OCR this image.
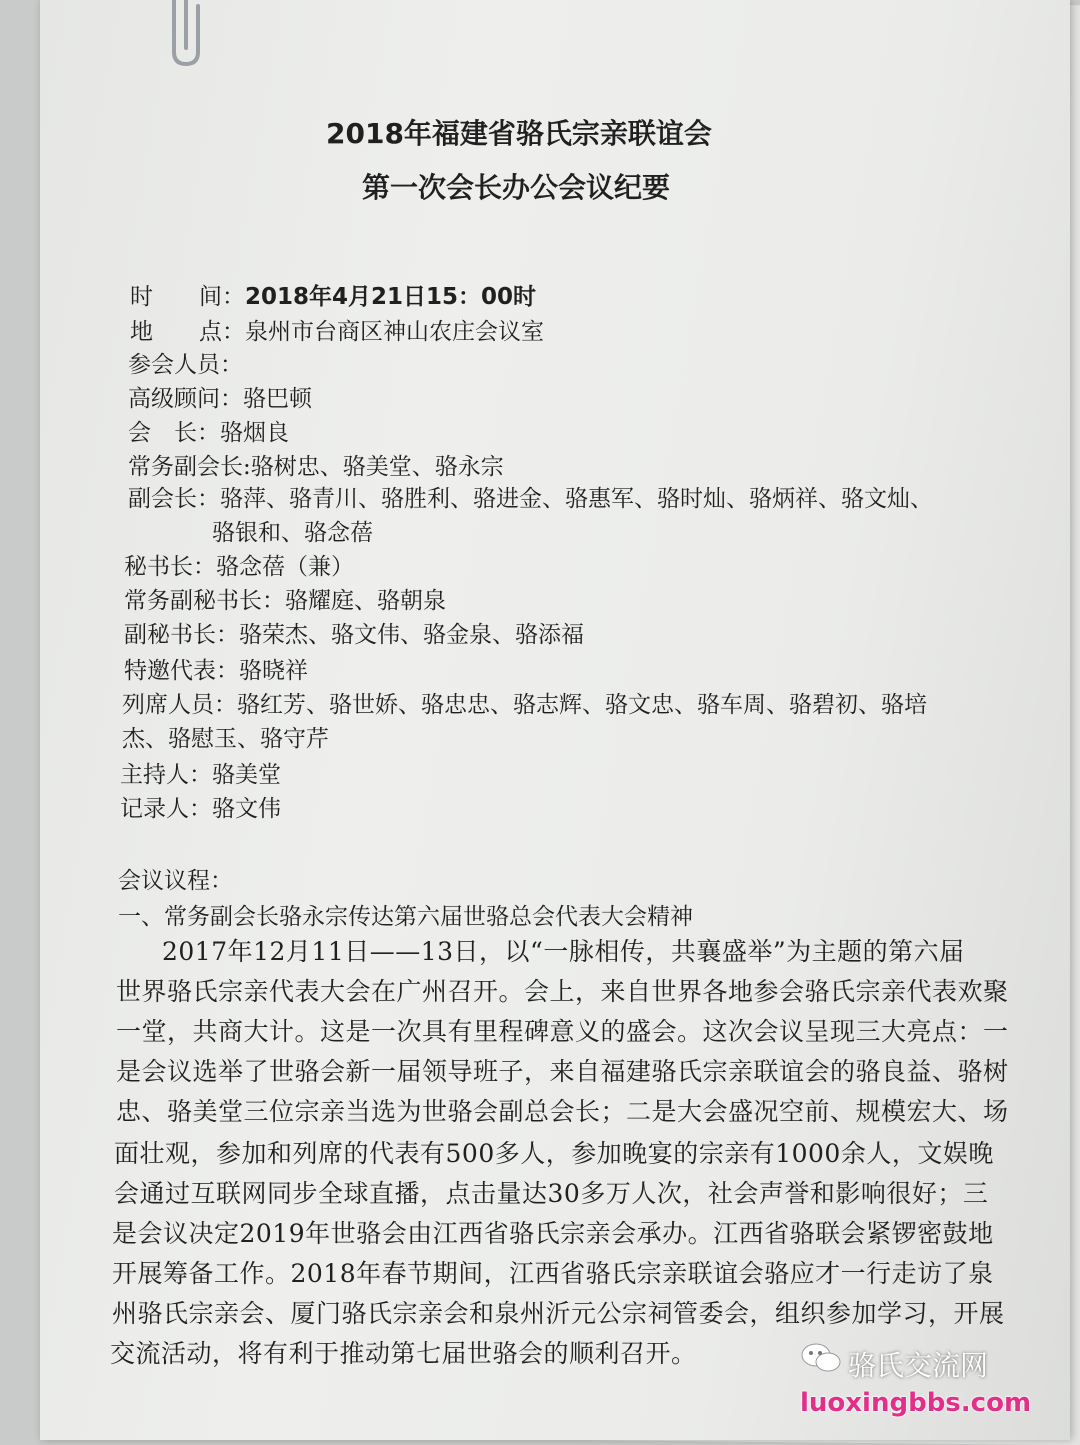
2018年福建省骆氏宗亲联谊会
第一次会长办公会议纪要
时　　间：2018年4月21日15：00时
地　　点：泉州市台商区神山农庄会议室
参会人员：
高级顾问：骆巴顿
会　长：骆烟良
常务副会长:骆树忠、骆美堂、骆永宗
副会长：骆萍、骆青川、骆胜利、骆进金、骆惠军、骆时灿、骆炳祥、骆文灿、
骆银和、骆念蓓
秘书长：骆念蓓（兼）
常务副秘书长：骆耀庭、骆朝泉
副秘书长：骆荣杰、骆文伟、骆金泉、骆添福
特邀代表：骆晓祥
列席人员：骆红芳、骆世娇、骆忠忠、骆志辉、骆文忠、骆车周、骆碧初、骆培
杰、骆慰玉、骆守芹
主持人：骆美堂
记录人：骆文伟
会议议程：
一、常务副会长骆永宗传达第六届世骆总会代表大会精神
2017年12月11日——13日，以“一脉相传，共襄盛举”为主题的第六届
世界骆氏宗亲代表大会在广州召开。会上，来自世界各地参会骆氏宗亲代表欢聚
一堂，共商大计。这是一次具有里程碑意义的盛会。这次会议呈现三大亮点：一
是会议选举了世骆会新一届领导班子，来自福建骆氏宗亲联谊会的骆良益、骆树
忠、骆美堂三位宗亲当选为世骆会副总会长；二是大会盛况空前、规模宏大、场
面壮观，参加和列席的代表有500多人，参加晚宴的宗亲有1000余人，文娱晚
会通过互联网同步全球直播，点击量达30多万人次，社会声誉和影响很好；三
是会议决定2019年世骆会由江西省骆氏宗亲会承办。江西省骆联会紧锣密鼓地
开展筹备工作。2018年春节期间，江西省骆氏宗亲联谊会骆应才一行走访了泉
州骆氏宗亲会、厦门骆氏宗亲会和泉州沂元公宗祠管委会，组织参加学习，开展
交流活动，将有利于推动第七届世骆会的顺利召开。	骆氏交流网
luoxingbbs.com
